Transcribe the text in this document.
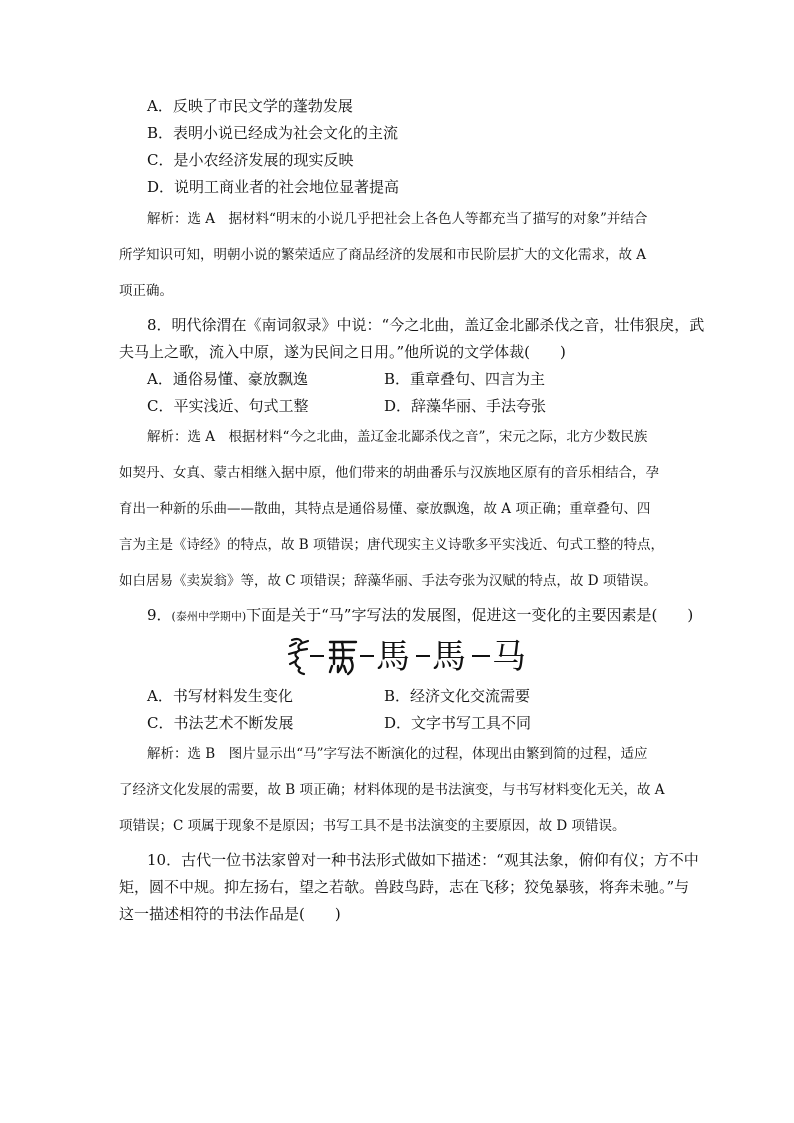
A．反映了市民文学的蓬勃发展
B．表明小说已经成为社会文化的主流
C．是小农经济发展的现实反映
D．说明工商业者的社会地位显著提高
解析：选 A　据材料“明末的小说几乎把社会上各色人等都充当了描写的对象”并结合
所学知识可知，明朝小说的繁荣适应了商品经济的发展和市民阶层扩大的文化需求，故 A
项正确。
8．明代徐渭在《南词叙录》中说：“今之北曲，盖辽金北鄙杀伐之音，壮伟狠戾，武
夫马上之歌，流入中原，遂为民间之日用。”他所说的文学体裁(　　)
A．通俗易懂、豪放飘逸	B．重章叠句、四言为主
C．平实浅近、句式工整	D．辞藻华丽、手法夸张
解析：选 A　根据材料“今之北曲，盖辽金北鄙杀伐之音”，宋元之际，北方少数民族
如契丹、女真、蒙古相继入据中原，他们带来的胡曲番乐与汉族地区原有的音乐相结合，孕
育出一种新的乐曲——散曲，其特点是通俗易懂、豪放飘逸，故 A 项正确；重章叠句、四
言为主是《诗经》的特点，故 B 项错误；唐代现实主义诗歌多平实浅近、句式工整的特点，
如白居易《卖炭翁》等，故 C 项错误；辞藻华丽、手法夸张为汉赋的特点，故 D 项错误。
9．(泰州中学期中)下面是关于“马”字写法的发展图，促进这一变化的主要因素是(　　)
馬 馬 马
A．书写材料发生变化	B．经济文化交流需要
C．书法艺术不断发展	D．文字书写工具不同
解析：选 B　图片显示出“马”字写法不断演化的过程，体现出由繁到简的过程，适应
了经济文化发展的需要，故 B 项正确；材料体现的是书法演变，与书写材料变化无关，故 A
项错误；C 项属于现象不是原因；书写工具不是书法演变的主要原因，故 D 项错误。
10．古代一位书法家曾对一种书法形式做如下描述：“观其法象，俯仰有仪；方不中
矩，圆不中规。抑左扬右，望之若欹。兽跂鸟跱，志在飞移；狡兔暴骇，将奔未驰。”与
这一描述相符的书法作品是(　　)
